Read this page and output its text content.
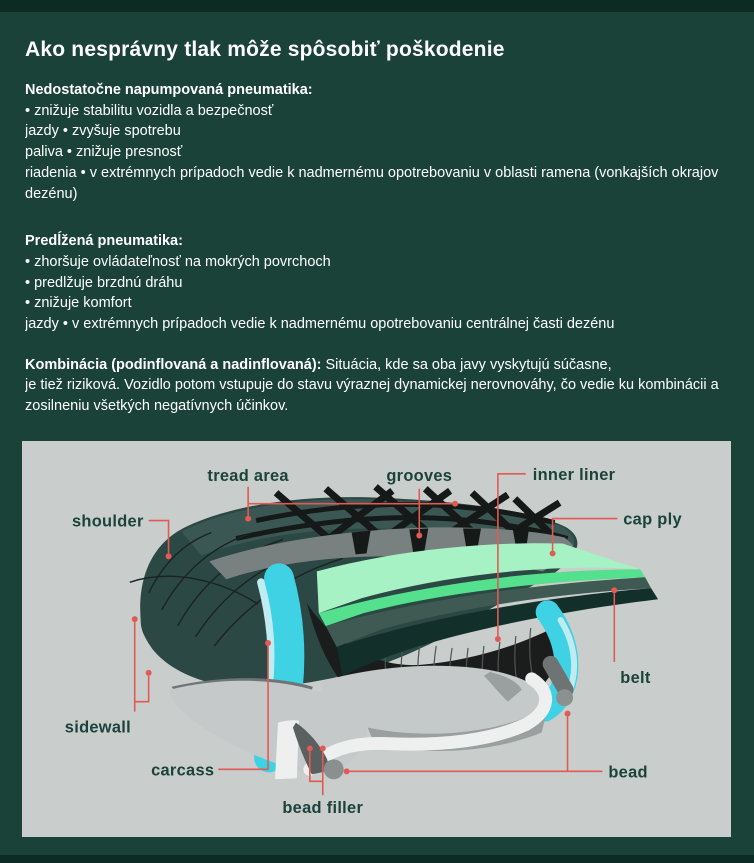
Ako nesprávny tlak môže spôsobiť poškodenie
Nedostatočne napumpovaná pneumatika:
• znižuje stabilitu vozidla a bezpečnosť
jazdy • zvyšuje spotrebu
paliva • znižuje presnosť
riadenia • v extrémnych prípadoch vedie k nadmernému opotrebovaniu v oblasti ramena (vonkajších okrajov
dezénu)
Predĺžená pneumatika:
• zhoršuje ovládateľnosť na mokrých povrchoch
• predlžuje brzdnú dráhu
• znižuje komfort
jazdy • v extrémnych prípadoch vedie k nadmernému opotrebovaniu centrálnej časti dezénu
Kombinácia (podinflovaná a nadinflovaná): Situácia, kde sa oba javy vyskytujú súčasne,
je tiež riziková. Vozidlo potom vstupuje do stavu výraznej dynamickej nerovnováhy, čo vedie ku kombinácii a
zosilneniu všetkých negatívnych účinkov.
tread area	grooves	inner liner
shoulder	cap ply
belt
sidewall
carcass
bead filler
bead
